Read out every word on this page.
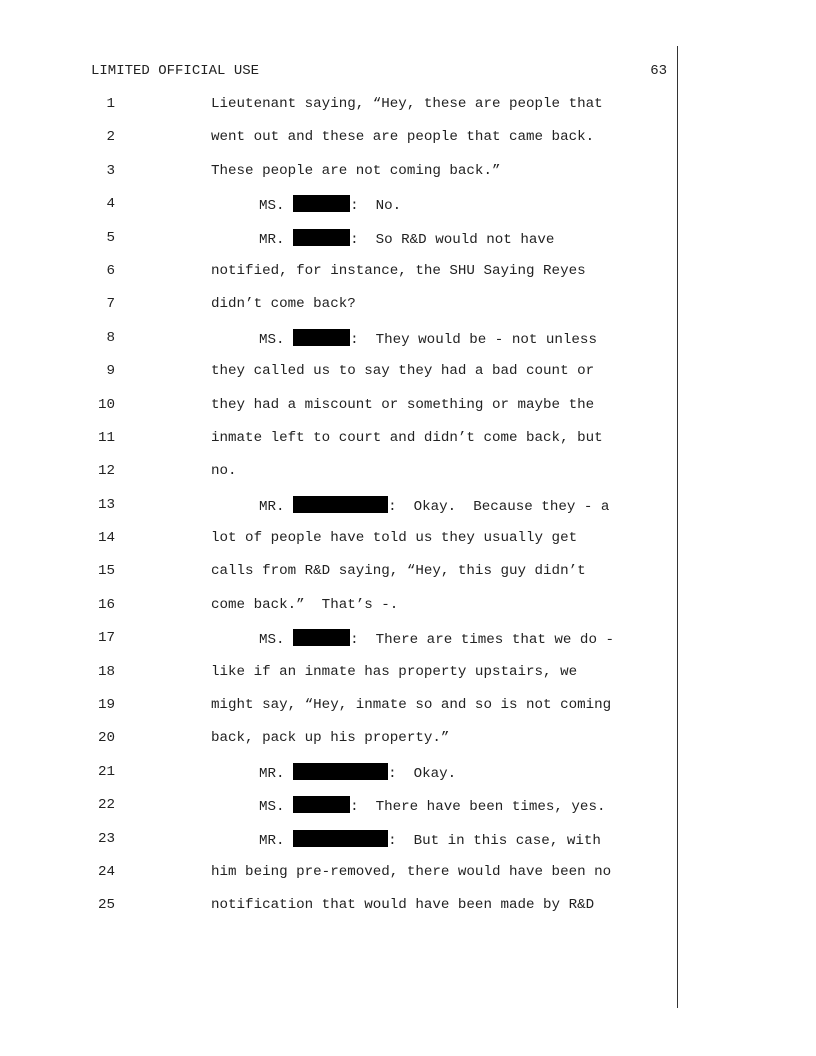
LIMITED OFFICIAL USE	63
1	Lieutenant saying, “Hey, these are people that
2	went out and these are people that came back.
3	These people are not coming back.”
4	MS.	:  No.
5	MR.	:  So R&D would not have
6	notified, for instance, the SHU Saying Reyes
7	didn’t come back?
8	MS.	:  They would be - not unless
9	they called us to say they had a bad count or
10	they had a miscount or something or maybe the
11	inmate left to court and didn’t come back, but
12	no.
13	MR.	:  Okay.  Because they - a
14	lot of people have told us they usually get
15	calls from R&D saying, “Hey, this guy didn’t
16	come back.”  That’s -.
17	MS.	:  There are times that we do -
18	like if an inmate has property upstairs, we
19	might say, “Hey, inmate so and so is not coming
20	back, pack up his property.”
21	MR.	:  Okay.
22	MS.	:  There have been times, yes.
23	MR.	:  But in this case, with
24	him being pre-removed, there would have been no
25	notification that would have been made by R&D
